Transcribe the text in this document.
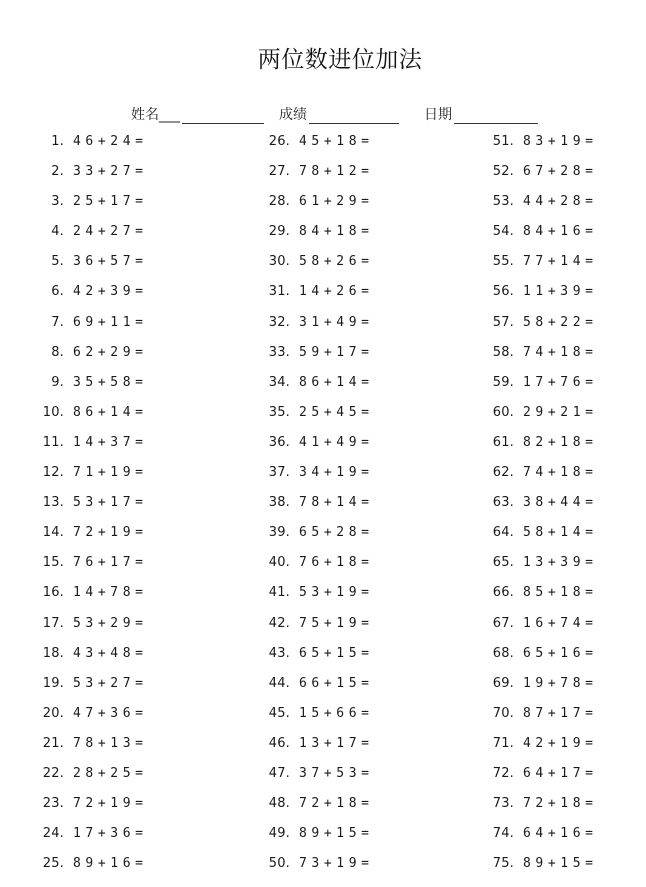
两位数进位加法
姓名___	成绩	日期
1. 46+24=
2. 33+27=
3. 25+17=
4. 24+27=
5. 36+57=
6. 42+39=
7. 69+11=
8. 62+29=
9. 35+58=
10. 86+14=
11. 14+37=
12. 71+19=
13. 53+17=
14. 72+19=
15. 76+17=
16. 14+78=
17. 53+29=
18. 43+48=
19. 53+27=
20. 47+36=
21. 78+13=
22. 28+25=
23. 72+19=
24. 17+36=
25. 89+16=
26. 45+18=
27. 78+12=
28. 61+29=
29. 84+18=
30. 58+26=
31. 14+26=
32. 31+49=
33. 59+17=
34. 86+14=
35. 25+45=
36. 41+49=
37. 34+19=
38. 78+14=
39. 65+28=
40. 76+18=
41. 53+19=
42. 75+19=
43. 65+15=
44. 66+15=
45. 15+66=
46. 13+17=
47. 37+53=
48. 72+18=
49. 89+15=
50. 73+19=
51. 83+19=
52. 67+28=
53. 44+28=
54. 84+16=
55. 77+14=
56. 11+39=
57. 58+22=
58. 74+18=
59. 17+76=
60. 29+21=
61. 82+18=
62. 74+18=
63. 38+44=
64. 58+14=
65. 13+39=
66. 85+18=
67. 16+74=
68. 65+16=
69. 19+78=
70. 87+17=
71. 42+19=
72. 64+17=
73. 72+18=
74. 64+16=
75. 89+15=
